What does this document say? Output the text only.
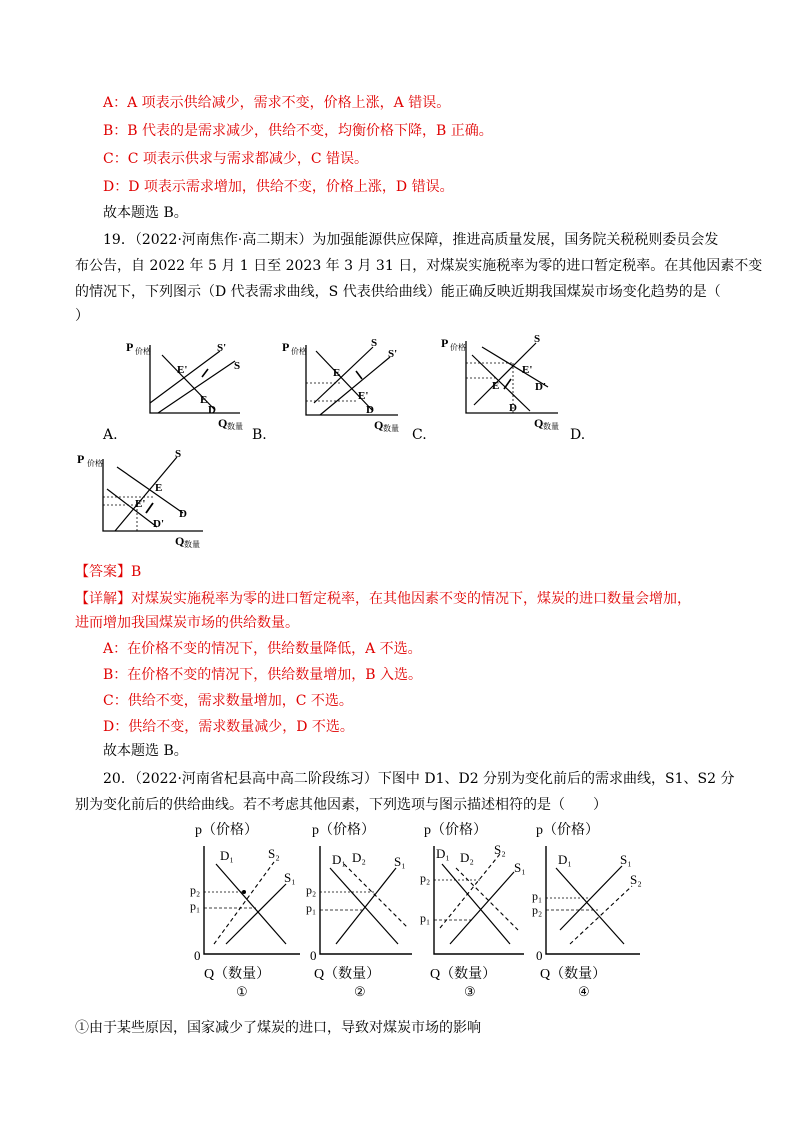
A：A 项表示供给减少，需求不变，价格上涨，A 错误。
B：B 代表的是需求减少，供给不变，均衡价格下降，B 正确。
C：C 项表示供求与需求都减少，C 错误。
D：D 项表示需求增加，供给不变，价格上涨，D 错误。
故本题选 B。
19．（2022·河南焦作·高二期末）为加强能源供应保障，推进高质量发展，国务院关税税则委员会发
布公告，自 2022 年 5 月 1 日至 2023 年 3 月 31 日，对煤炭实施税率为零的进口暂定税率。在其他因素不变
的情况下，下列图示（D 代表需求曲线，S 代表供给曲线）能正确反映近期我国煤炭市场变化趋势的是（
）
P 价格	S'
S
E'
E
D
Q 数量
A.
P 价格
S
S'
E
E'
D
Q 数量
B.
P 价格
S
E'
D'
E
D
Q 数量
C.	D.
P 价格
S
E
E'
D
D'
Q 数量
【答案】B
【详解】对煤炭实施税率为零的进口暂定税率，在其他因素不变的情况下，煤炭的进口数量会增加，
进而增加我国煤炭市场的供给数量。
A：在价格不变的情况下，供给数量降低，A 不选。
B：在价格不变的情况下，供给数量增加，B 入选。
C：供给不变，需求数量增加，C 不选。
D：供给不变，需求数量减少，D 不选。
故本题选 B。
20．（2022·河南省杞县高中高二阶段练习）下图中 D1、D2 分别为变化前后的需求曲线，S1、S2 分
别为变化前后的供给曲线。若不考虑其他因素，下列选项与图示描述相符的是（　　）
p（价格）
0
D₁	S₂
S₁
p₂
p₁
Q（数量）
①
p（价格）
0
D₁ D₂ S₁
p₂
p₁
Q（数量）
②
p（价格）
D₁ D₂
S₂
S₁
p₂
p₁
Q（数量）
③
p（价格）
0
D₁	S₁
S₂
p₁
p₂
Q（数量）
④
①由于某些原因，国家减少了煤炭的进口，导致对煤炭市场的影响
